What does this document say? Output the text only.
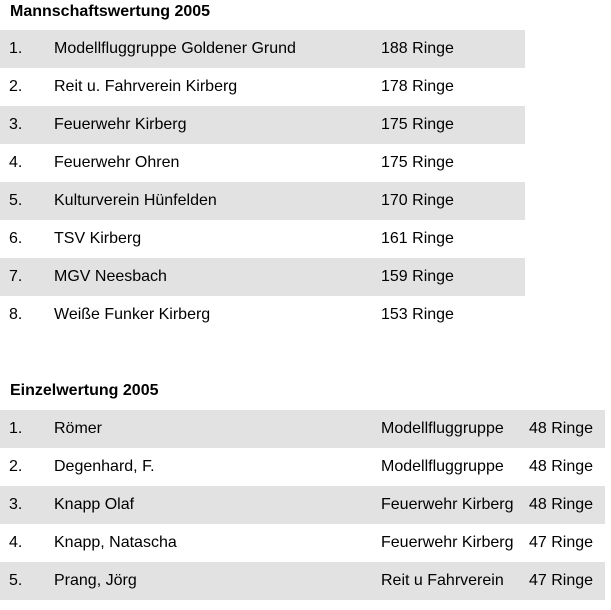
Mannschaftswertung 2005
1. Modellfluggruppe Goldener Grund	188 Ringe
2. Reit u. Fahrverein Kirberg	178 Ringe
3. Feuerwehr Kirberg	175 Ringe
4. Feuerwehr Ohren	175 Ringe
5. Kulturverein Hünfelden	170 Ringe
6. TSV Kirberg	161 Ringe
7. MGV Neesbach	159 Ringe
8. Weiße Funker Kirberg	153 Ringe
Einzelwertung 2005
1. Römer	Modellfluggruppe 48 Ringe
2. Degenhard, F.	Modellfluggruppe 48 Ringe
3. Knapp Olaf	Feuerwehr Kirberg 48 Ringe
4. Knapp, Natascha	Feuerwehr Kirberg 47 Ringe
5. Prang, Jörg	Reit u Fahrverein 47 Ringe
